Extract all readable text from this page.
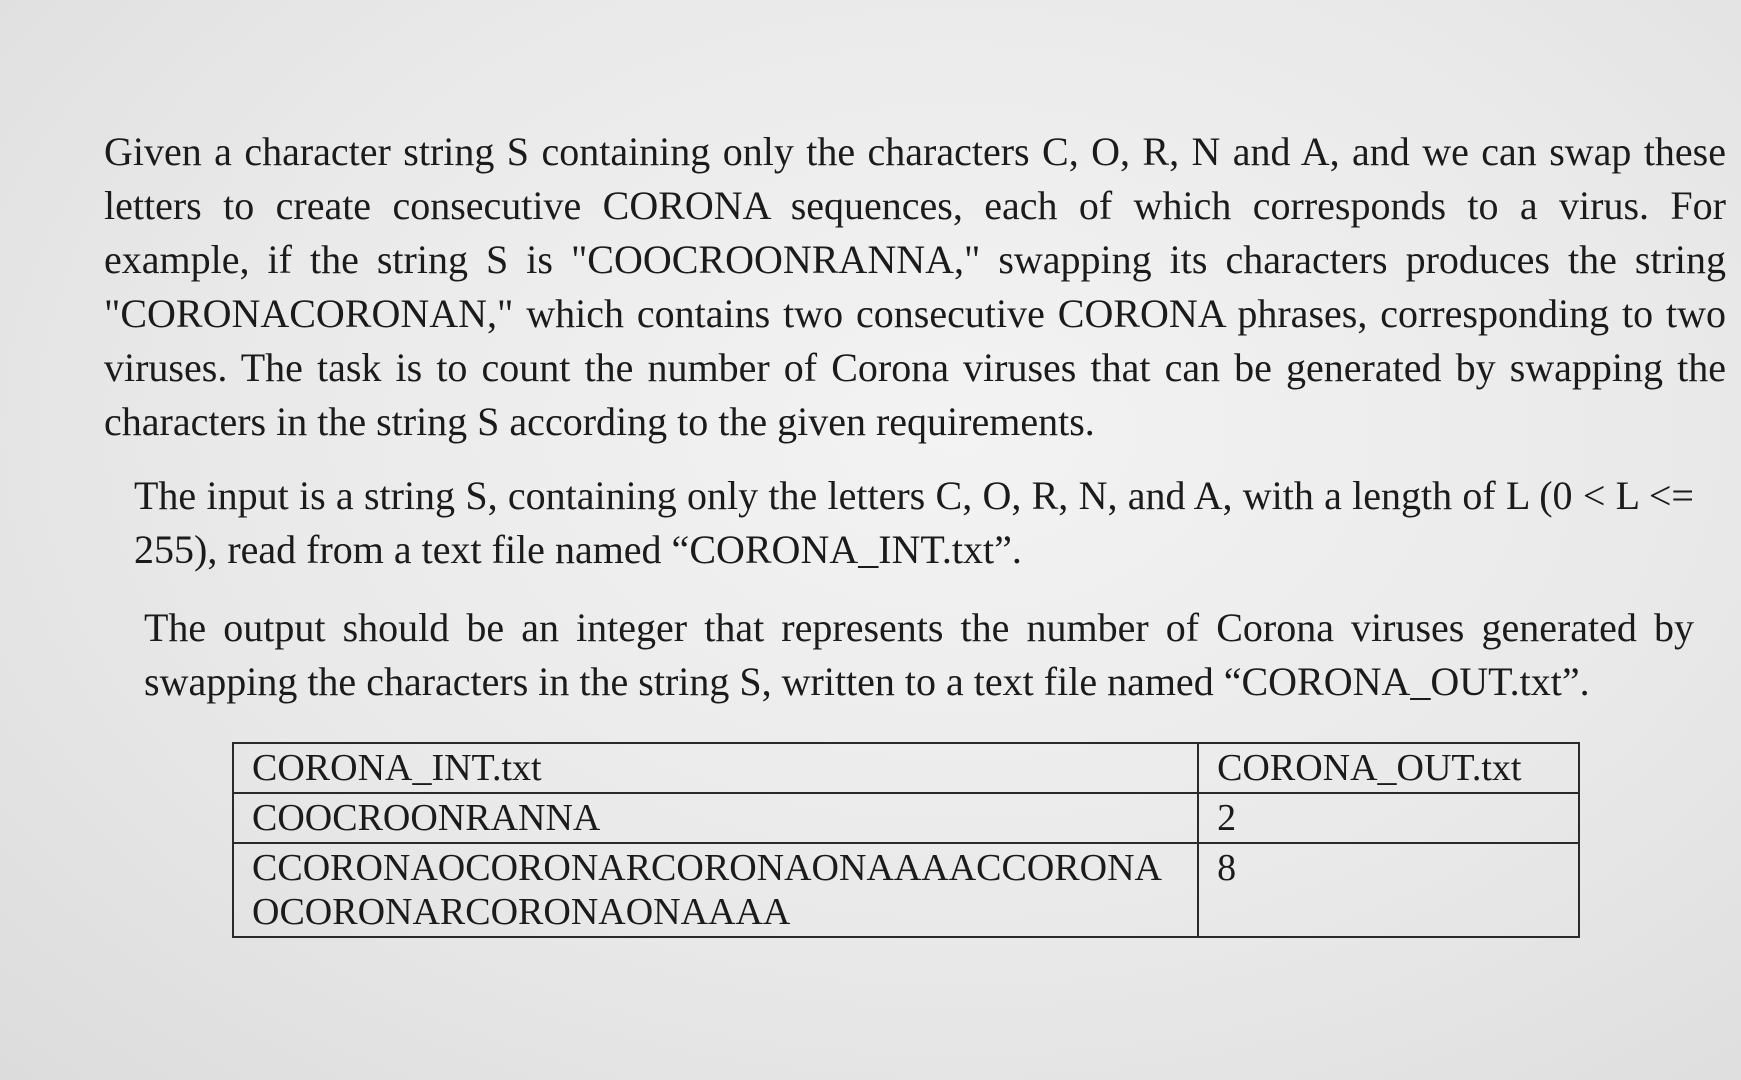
Given a character string S containing only the characters C, O, R, N and A, and we can swap these letters to create consecutive CORONA sequences, each of which corresponds to a virus. For example, if the string S is "COOCROONRANNA," swapping its characters produces the string "CORONACORONAN," which contains two consecutive CORONA phrases, corresponding to two viruses. The task is to count the number of Corona viruses that can be generated by swapping the characters in the string S according to the given requirements.

The input is a string S, containing only the letters C, O, R, N, and A, with a length of L (0 < L <= 255), read from a text file named “CORONA_INT.txt”.

The output should be an integer that represents the number of Corona viruses generated by swapping the characters in the string S, written to a text file named “CORONA_OUT.txt”.

CORONA_INT.txt	CORONA_OUT.txt

COOCROONRANNA	2

CCORONAOCORONARCORONAONAAAACCORONA
OCORONARCORONAONAAAA	8
